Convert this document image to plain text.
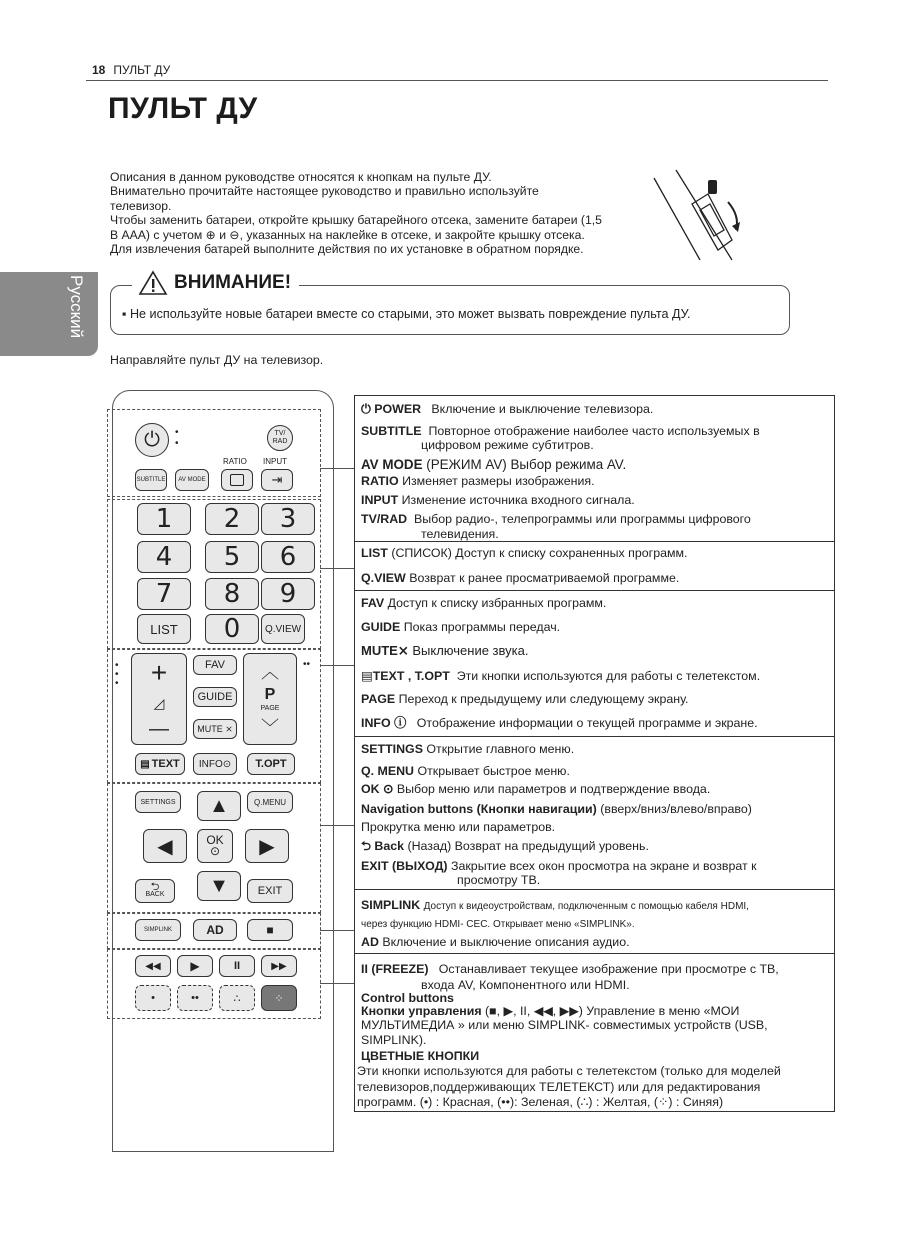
18 ПУЛЬТ ДУ
ПУЛЬТ ДУ
Описания в данном руководстве относятся к кнопкам на пульте ДУ.
Внимательно прочитайте настоящее руководство и правильно используйте
телевизор.
Чтобы заменить батареи, откройте крышку батарейного отсека, замените батареи (1,5
В AAA) с учетом ⊕ и ⊖, указанных на наклейке в отсеке, и закройте крышку отсека.
Для извлечения батарей выполните действия по их установке в обратном порядке.
Русский	ВНИМАНИЕ!
▪ Не используйте новые батареи вместе со старыми, это может вызвать повреждение пульта ДУ.
Направляйте пульт ДУ на телевизор.
⏻	•
•
TV/
RAD
RATIO INPUT
SUBTITLE	AV MODE	⇥
1	2	3
4	5	6
7	8	9
LIST	0	Q.VIEW
•
•
•
••
+
◿
—
FAV
GUIDE
MUTE ⨯
︿
P
PAGE
﹀
▤ TEXT	INFO⊙	T.OPT
SETTINGS	▲	Q.MENU
◀	OK
⊙	▶
⮌
BACK	▼	EXIT
SIMPLINK	AD	■
◀◀	▶	II	▶▶
•	••	∴	⁘
⏻ POWER Включение и выключение телевизора.
SUBTITLE Повторное отображение наиболее часто используемых в
цифровом режиме субтитров.
AV MODE (РЕЖИМ AV) Выбор режима AV.
RATIO Изменяет размеры изображения.
INPUT Изменение источника входного сигнала.
TV/RAD Выбор радио-, телепрограммы или программы цифрового
телевидения.
LIST (СПИСОК) Доступ к списку сохраненных программ.
Q.VIEW Возврат к ранее просматриваемой программе.
FAV Доступ к списку избранных программ.
GUIDE Показ программы передач.
MUTE⨯ Выключение звука.
▤TEXT , T.OPT Эти кнопки используются для работы с телетекстом.
PAGE Переход к предыдущему или следующему экрану.
INFO ⓘ Отображение информации о текущей программе и экране.
SETTINGS Открытие главного меню.
Q. MENU Открывает быстрое меню.
OK ⊙ Выбор меню или параметров и подтверждение ввода.
Navigation buttons (Кнопки навигации) (вверх/вниз/влево/вправо)
Прокрутка меню или параметров.
⮌ Back (Назад) Возврат на предыдущий уровень.
EXIT (ВЫХОД) Закрытие всех окон просмотра на экране и возврат к
просмотру ТВ.
SIMPLINK Доступ к видеоустройствам, подключенным с помощью кабеля HDMI,
через функцию HDMI- CEC. Открывает меню «SIMPLINK».
AD Включение и выключение описания аудио.
II (FREEZE) Останавливает текущее изображение при просмотре с ТВ,
входа AV, Компонентного или HDMI.
Control buttons
Кнопки управления (■, ▶, II, ◀◀, ▶▶) Управление в меню «МОИ
МУЛЬТИМЕДИА » или меню SIMPLINK- совместимых устройств (USB,
SIMPLINK).
ЦВЕТНЫЕ КНОПКИ
Эти кнопки используются для работы с телетекстом (только для моделей
телевизоров,поддерживающих ТЕЛЕТЕКСТ) или для редактирования
программ. (•) : Красная, (••): Зеленая, (∴) : Желтая, (⁘) : Синяя)
